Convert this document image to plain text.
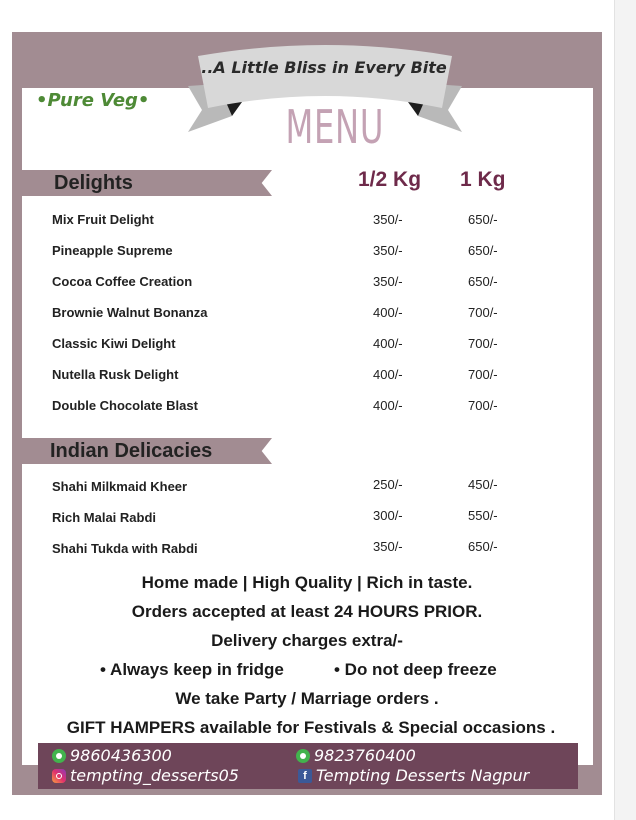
..A Little Bliss in Every Bite
•Pure Veg•	MENU
Delights	1/2 Kg 1 Kg
Mix Fruit Delight	350/-	650/-
Pineapple Supreme	350/-	650/-
Cocoa Coffee Creation	350/-	650/-
Brownie Walnut Bonanza	400/-	700/-
Classic Kiwi Delight	400/-	700/-
Nutella Rusk Delight	400/-	700/-
Double Chocolate Blast	400/-	700/-
Indian Delicacies
Shahi Milkmaid Kheer	250/-	450/-
Rich Malai Rabdi	300/-	550/-
Shahi Tukda with Rabdi	350/-	650/-
Home made | High Quality | Rich in taste.
Orders accepted at least 24 HOURS PRIOR.
Delivery charges extra/-
• Always keep in fridge	• Do not deep freeze
We take Party / Marriage orders .
GIFT HAMPERS available for Festivals & Special occasions .
9860436300	9823760400
tempting_desserts05	f Tempting Desserts Nagpur
